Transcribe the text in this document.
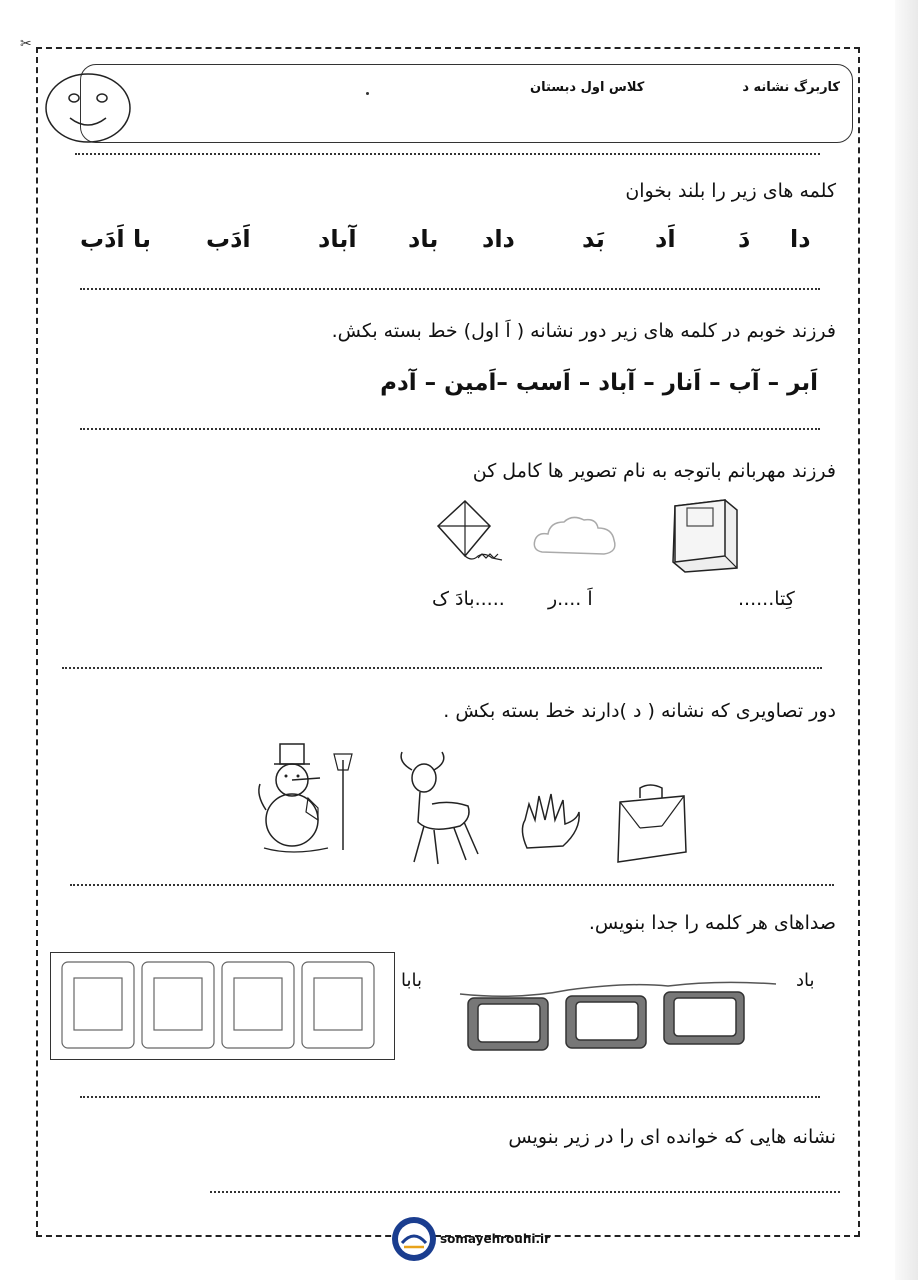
✂
کاربرگ نشانه د
کلاس اول دبستان
کلمه های زیر را بلند بخوان
دا
دَ
اَد
بَد
داد
باد
آباد
اَدَب
با اَدَب
فرزند خوبم در کلمه های زیر دور نشانه ( اَ اول) خط بسته بکش.
اَبر – آب – اَنار – آباد – اَسب –اَمین – آدم
فرزند مهربانم باتوجه به نام تصویر ها کامل کن
کِتا......
اَ ....ر
.....بادَ ک
دور تصاویری که نشانه ( د )دارند خط بسته بکش .
صداهای هر کلمه را جدا بنویس.
باد
بابا
نشانه هایی که خوانده ای را در زیر بنویس
somayehrouhi.ir
